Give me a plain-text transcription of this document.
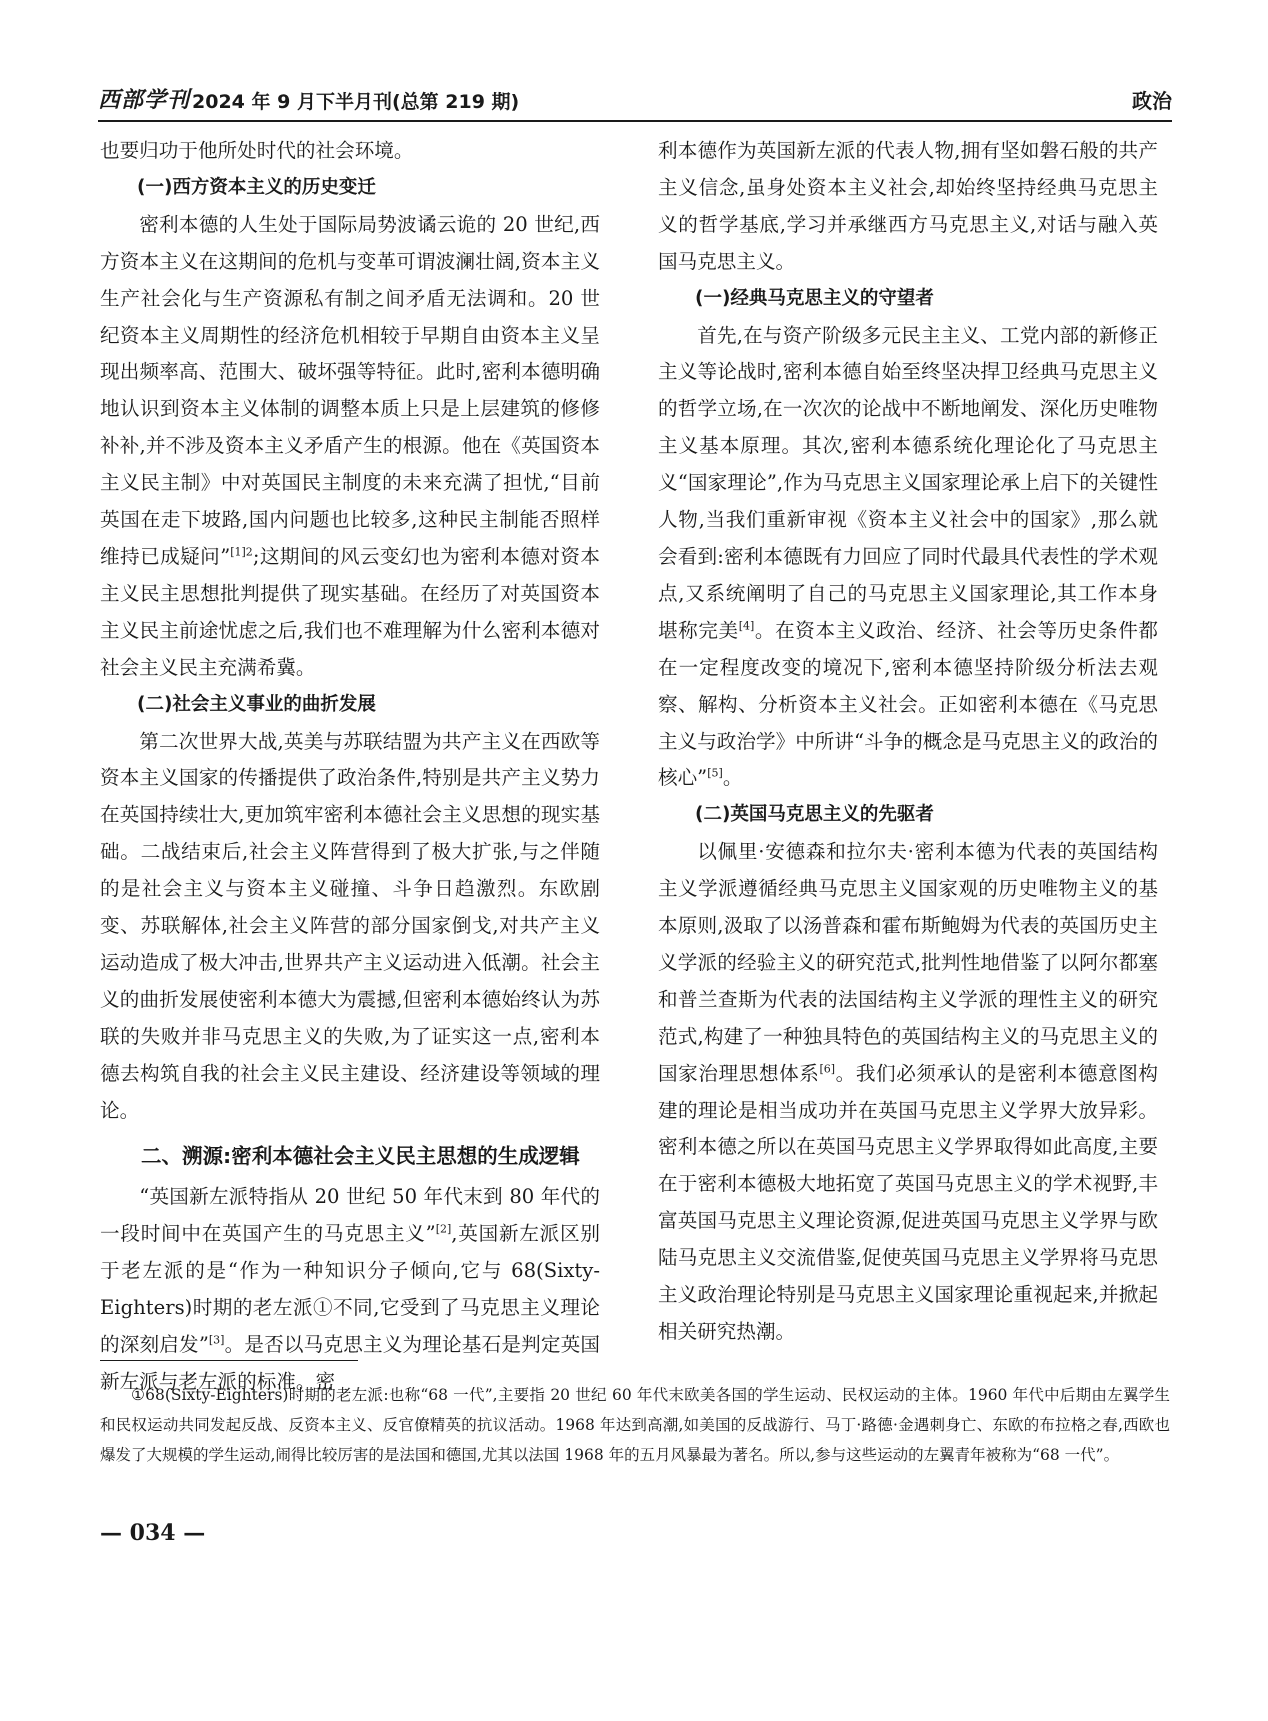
西部学刊 2024 年 9 月下半月刊(总第 219 期)	政治

也要归功于他所处时代的社会环境。

(一)西方资本主义的历史变迁

密利本德的人生处于国际局势波谲云诡的 20 世纪,西方资本主义在这期间的危机与变革可谓波澜壮阔,资本主义生产社会化与生产资源私有制之间矛盾无法调和。20 世纪资本主义周期性的经济危机相较于早期自由资本主义呈现出频率高、范围大、破坏强等特征。此时,密利本德明确地认识到资本主义体制的调整本质上只是上层建筑的修修补补,并不涉及资本主义矛盾产生的根源。他在《英国资本主义民主制》中对英国民主制度的未来充满了担忧,“目前英国在走下坡路,国内问题也比较多,这种民主制能否照样维持已成疑问”$^{[1]2}$;这期间的风云变幻也为密利本德对资本主义民主思想批判提供了现实基础。在经历了对英国资本主义民主前途忧虑之后,我们也不难理解为什么密利本德对社会主义民主充满希冀。

(二)社会主义事业的曲折发展

第二次世界大战,英美与苏联结盟为共产主义在西欧等资本主义国家的传播提供了政治条件,特别是共产主义势力在英国持续壮大,更加筑牢密利本德社会主义思想的现实基础。二战结束后,社会主义阵营得到了极大扩张,与之伴随的是社会主义与资本主义碰撞、斗争日趋激烈。东欧剧变、苏联解体,社会主义阵营的部分国家倒戈,对共产主义运动造成了极大冲击,世界共产主义运动进入低潮。社会主义的曲折发展使密利本德大为震撼,但密利本德始终认为苏联的失败并非马克思主义的失败,为了证实这一点,密利本德去构筑自我的社会主义民主建设、经济建设等领域的理论。

二、溯源:密利本德社会主义民主思想的生成逻辑

“英国新左派特指从 20 世纪 50 年代末到 80 年代的一段时间中在英国产生的马克思主义”[2],英国新左派区别于老左派的是“作为一种知识分子倾向,它与 68(Sixty-Eighters)时期的老左派①不同,它受到了马克思主义理论的深刻启发”[3]。是否以马克思主义为理论基石是判定英国新左派与老左派的标准。密

利本德作为英国新左派的代表人物,拥有坚如磐石般的共产主义信念,虽身处资本主义社会,却始终坚持经典马克思主义的哲学基底,学习并承继西方马克思主义,对话与融入英国马克思主义。

(一)经典马克思主义的守望者

首先,在与资产阶级多元民主主义、工党内部的新修正主义等论战时,密利本德自始至终坚决捍卫经典马克思主义的哲学立场,在一次次的论战中不断地阐发、深化历史唯物主义基本原理。其次,密利本德系统化理论化了马克思主义“国家理论”,作为马克思主义国家理论承上启下的关键性人物,当我们重新审视《资本主义社会中的国家》,那么就会看到:密利本德既有力回应了同时代最具代表性的学术观点,又系统阐明了自己的马克思主义国家理论,其工作本身堪称完美[4]。在资本主义政治、经济、社会等历史条件都在一定程度改变的境况下,密利本德坚持阶级分析法去观察、解构、分析资本主义社会。正如密利本德在《马克思主义与政治学》中所讲“斗争的概念是马克思主义的政治的核心”[5]。

(二)英国马克思主义的先驱者

以佩里·安德森和拉尔夫·密利本德为代表的英国结构主义学派遵循经典马克思主义国家观的历史唯物主义的基本原则,汲取了以汤普森和霍布斯鲍姆为代表的英国历史主义学派的经验主义的研究范式,批判性地借鉴了以阿尔都塞和普兰查斯为代表的法国结构主义学派的理性主义的研究范式,构建了一种独具特色的英国结构主义的马克思主义的国家治理思想体系[6]。我们必须承认的是密利本德意图构建的理论是相当成功并在英国马克思主义学界大放异彩。密利本德之所以在英国马克思主义学界取得如此高度,主要在于密利本德极大地拓宽了英国马克思主义的学术视野,丰富英国马克思主义理论资源,促进英国马克思主义学界与欧陆马克思主义交流借鉴,促使英国马克思主义学界将马克思主义政治理论特别是马克思主义国家理论重视起来,并掀起相关研究热潮。

①68(Sixty-Eighters)时期的老左派:也称“68 一代”,主要指 20 世纪 60 年代末欧美各国的学生运动、民权运动的主体。1960 年代中后期由左翼学生和民权运动共同发起反战、反资本主义、反官僚精英的抗议活动。1968 年达到高潮,如美国的反战游行、马丁·路德·金遇刺身亡、东欧的布拉格之春,西欧也爆发了大规模的学生运动,闹得比较厉害的是法国和德国,尤其以法国 1968 年的五月风暴最为著名。所以,参与这些运动的左翼青年被称为“68 一代”。

— 034 —
